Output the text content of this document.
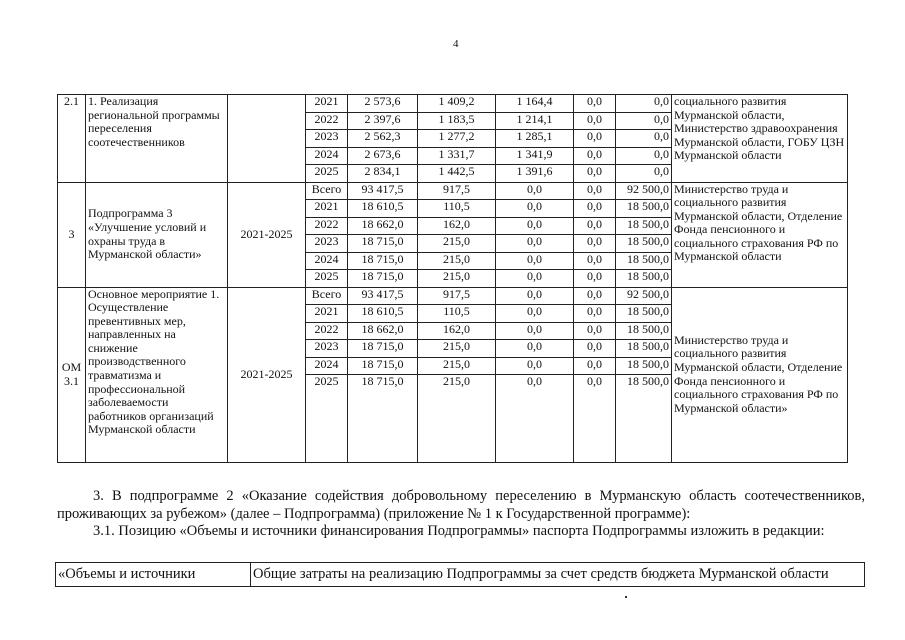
4
2.1	1. Реализация региональной программы переселения соотечественников		2021	2 573,6	1 409,2	1 164,4	0,0	0,0	социального развития Мурманской области, Министерство здравоохранения Мурманской области, ГОБУ ЦЗН Мурманской области
			2022	2 397,6	1 183,5	1 214,1	0,0	0,0	
			2023	2 562,3	1 277,2	1 285,1	0,0	0,0	
			2024	2 673,6	1 331,7	1 341,9	0,0	0,0	
			2025	2 834,1	1 442,5	1 391,6	0,0	0,0	
3	Подпрограмма 3 «Улучшение условий и охраны труда в Мурманской области»	2021-2025	Всего	93 417,5	917,5	0,0	0,0	92 500,0	Министерство труда и социального развития Мурманской области, Отделение Фонда пенсионного и социального страхования РФ по Мурманской области
			2021	18 610,5	110,5	0,0	0,0	18 500,0	
			2022	18 662,0	162,0	0,0	0,0	18 500,0	
			2023	18 715,0	215,0	0,0	0,0	18 500,0	
			2024	18 715,0	215,0	0,0	0,0	18 500,0	
			2025	18 715,0	215,0	0,0	0,0	18 500,0	
ОМ 3.1	Основное мероприятие 1. Осуществление превентивных мер, направленных на снижение производственного травматизма и профессиональной заболеваемости работников организаций Мурманской области	2021-2025	Всего	93 417,5	917,5	0,0	0,0	92 500,0	Министерство труда и социального развития Мурманской области, Отделение Фонда пенсионного и социального страхования РФ по Мурманской области»
			2021	18 610,5	110,5	0,0	0,0	18 500,0	
			2022	18 662,0	162,0	0,0	0,0	18 500,0	
			2023	18 715,0	215,0	0,0	0,0	18 500,0	
			2024	18 715,0	215,0	0,0	0,0	18 500,0	
			2025	18 715,0	215,0	0,0	0,0	18 500,0	

3. В подпрограмме 2 «Оказание содействия добровольному переселению в Мурманскую область соотечественников, проживающих за рубежом» (далее – Подпрограмма) (приложение № 1 к Государственной программе):

3.1. Позицию «Объемы и источники финансирования Подпрограммы» паспорта Подпрограммы изложить в редакции:

«Объемы и источники	Общие затраты на реализацию Подпрограммы за счет средств бюджета Мурманской области
